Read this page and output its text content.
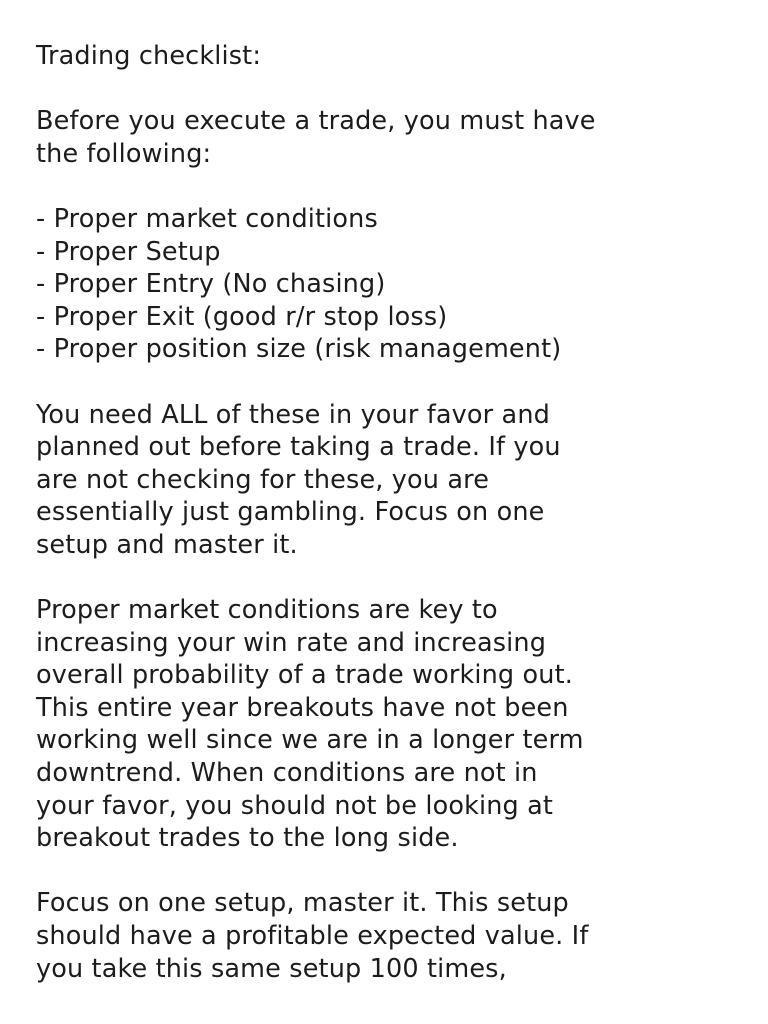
Trading checklist:
Before you execute a trade, you must have
the following:
- Proper market conditions
- Proper Setup
- Proper Entry (No chasing)
- Proper Exit (good r/r stop loss)
- Proper position size (risk management)
You need ALL of these in your favor and
planned out before taking a trade. If you
are not checking for these, you are
essentially just gambling. Focus on one
setup and master it.
Proper market conditions are key to
increasing your win rate and increasing
overall probability of a trade working out.
This entire year breakouts have not been
working well since we are in a longer term
downtrend. When conditions are not in
your favor, you should not be looking at
breakout trades to the long side.
Focus on one setup, master it. This setup
should have a profitable expected value. If
you take this same setup 100 times,
